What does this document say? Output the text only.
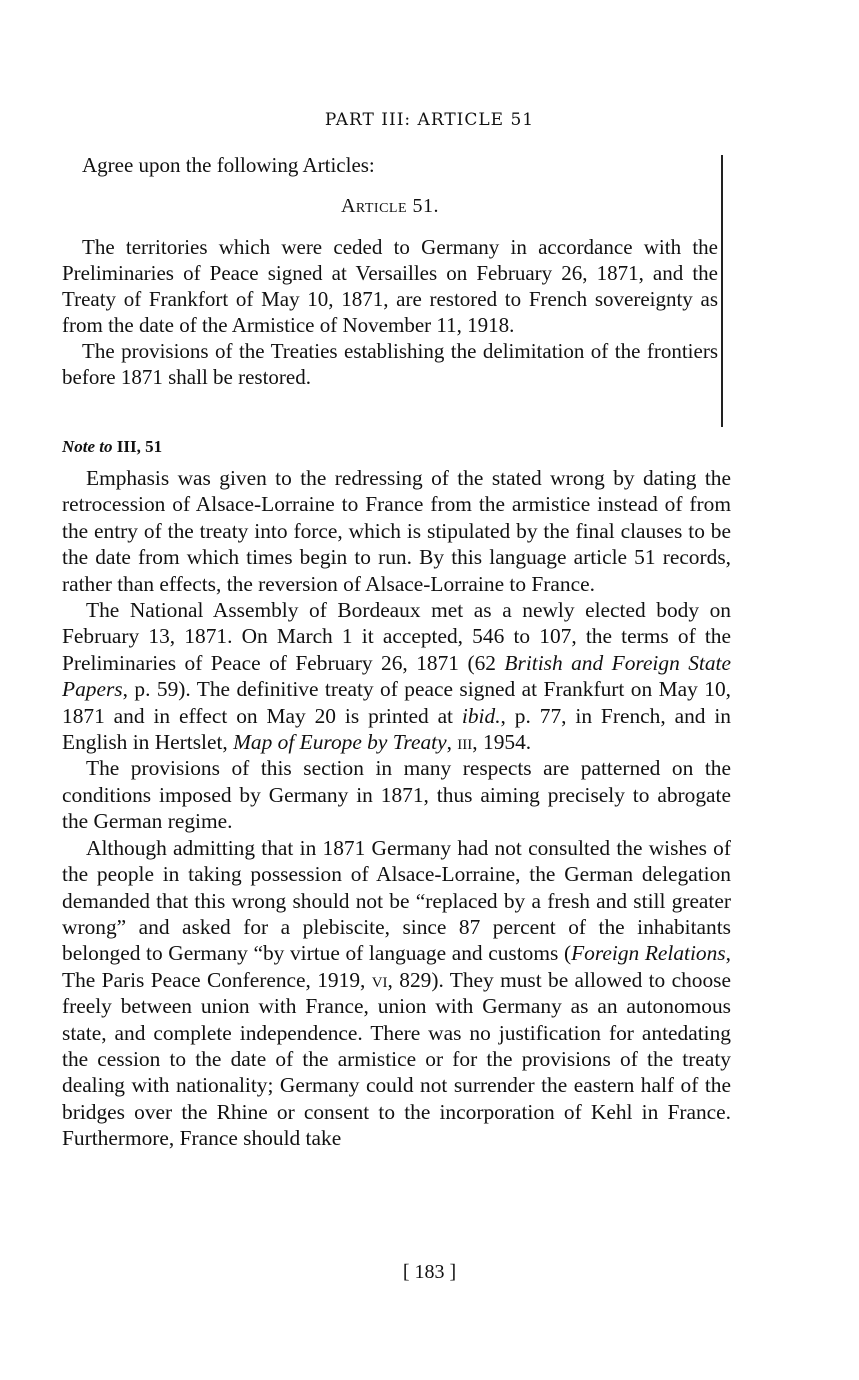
PART III: ARTICLE 51

Agree upon the following Articles:

Article 51.

The territories which were ceded to Germany in accordance with the Preliminaries of Peace signed at Versailles on February 26, 1871, and the Treaty of Frankfort of May 10, 1871, are restored to French sovereignty as from the date of the Armistice of November 11, 1918.

The provisions of the Treaties establishing the delimitation of the frontiers before 1871 shall be restored.

Note to III, 51

Emphasis was given to the redressing of the stated wrong by dating the retrocession of Alsace-Lorraine to France from the armistice instead of from the entry of the treaty into force, which is stipulated by the final clauses to be the date from which times begin to run. By this language article 51 records, rather than effects, the reversion of Alsace-Lorraine to France.

The National Assembly of Bordeaux met as a newly elected body on February 13, 1871. On March 1 it accepted, 546 to 107, the terms of the Preliminaries of Peace of February 26, 1871 (62 British and Foreign State Papers, p. 59). The definitive treaty of peace signed at Frankfurt on May 10, 1871 and in effect on May 20 is printed at ibid., p. 77, in French, and in English in Hertslet, Map of Europe by Treaty, iii, 1954.

The provisions of this section in many respects are patterned on the conditions imposed by Germany in 1871, thus aiming precisely to abrogate the German regime.

Although admitting that in 1871 Germany had not consulted the wishes of the people in taking possession of Alsace-Lorraine, the German delegation demanded that this wrong should not be “replaced by a fresh and still greater wrong” and asked for a plebiscite, since 87 percent of the inhabitants belonged to Germany “by virtue of language and customs (Foreign Relations, The Paris Peace Conference, 1919, vi, 829). They must be allowed to choose freely between union with France, union with Germany as an autonomous state, and complete independence. There was no justification for antedating the cession to the date of the armistice or for the provisions of the treaty dealing with nationality; Germany could not surrender the eastern half of the bridges over the Rhine or consent to the incorporation of Kehl in France. Furthermore, France should take

[ 183 ]
